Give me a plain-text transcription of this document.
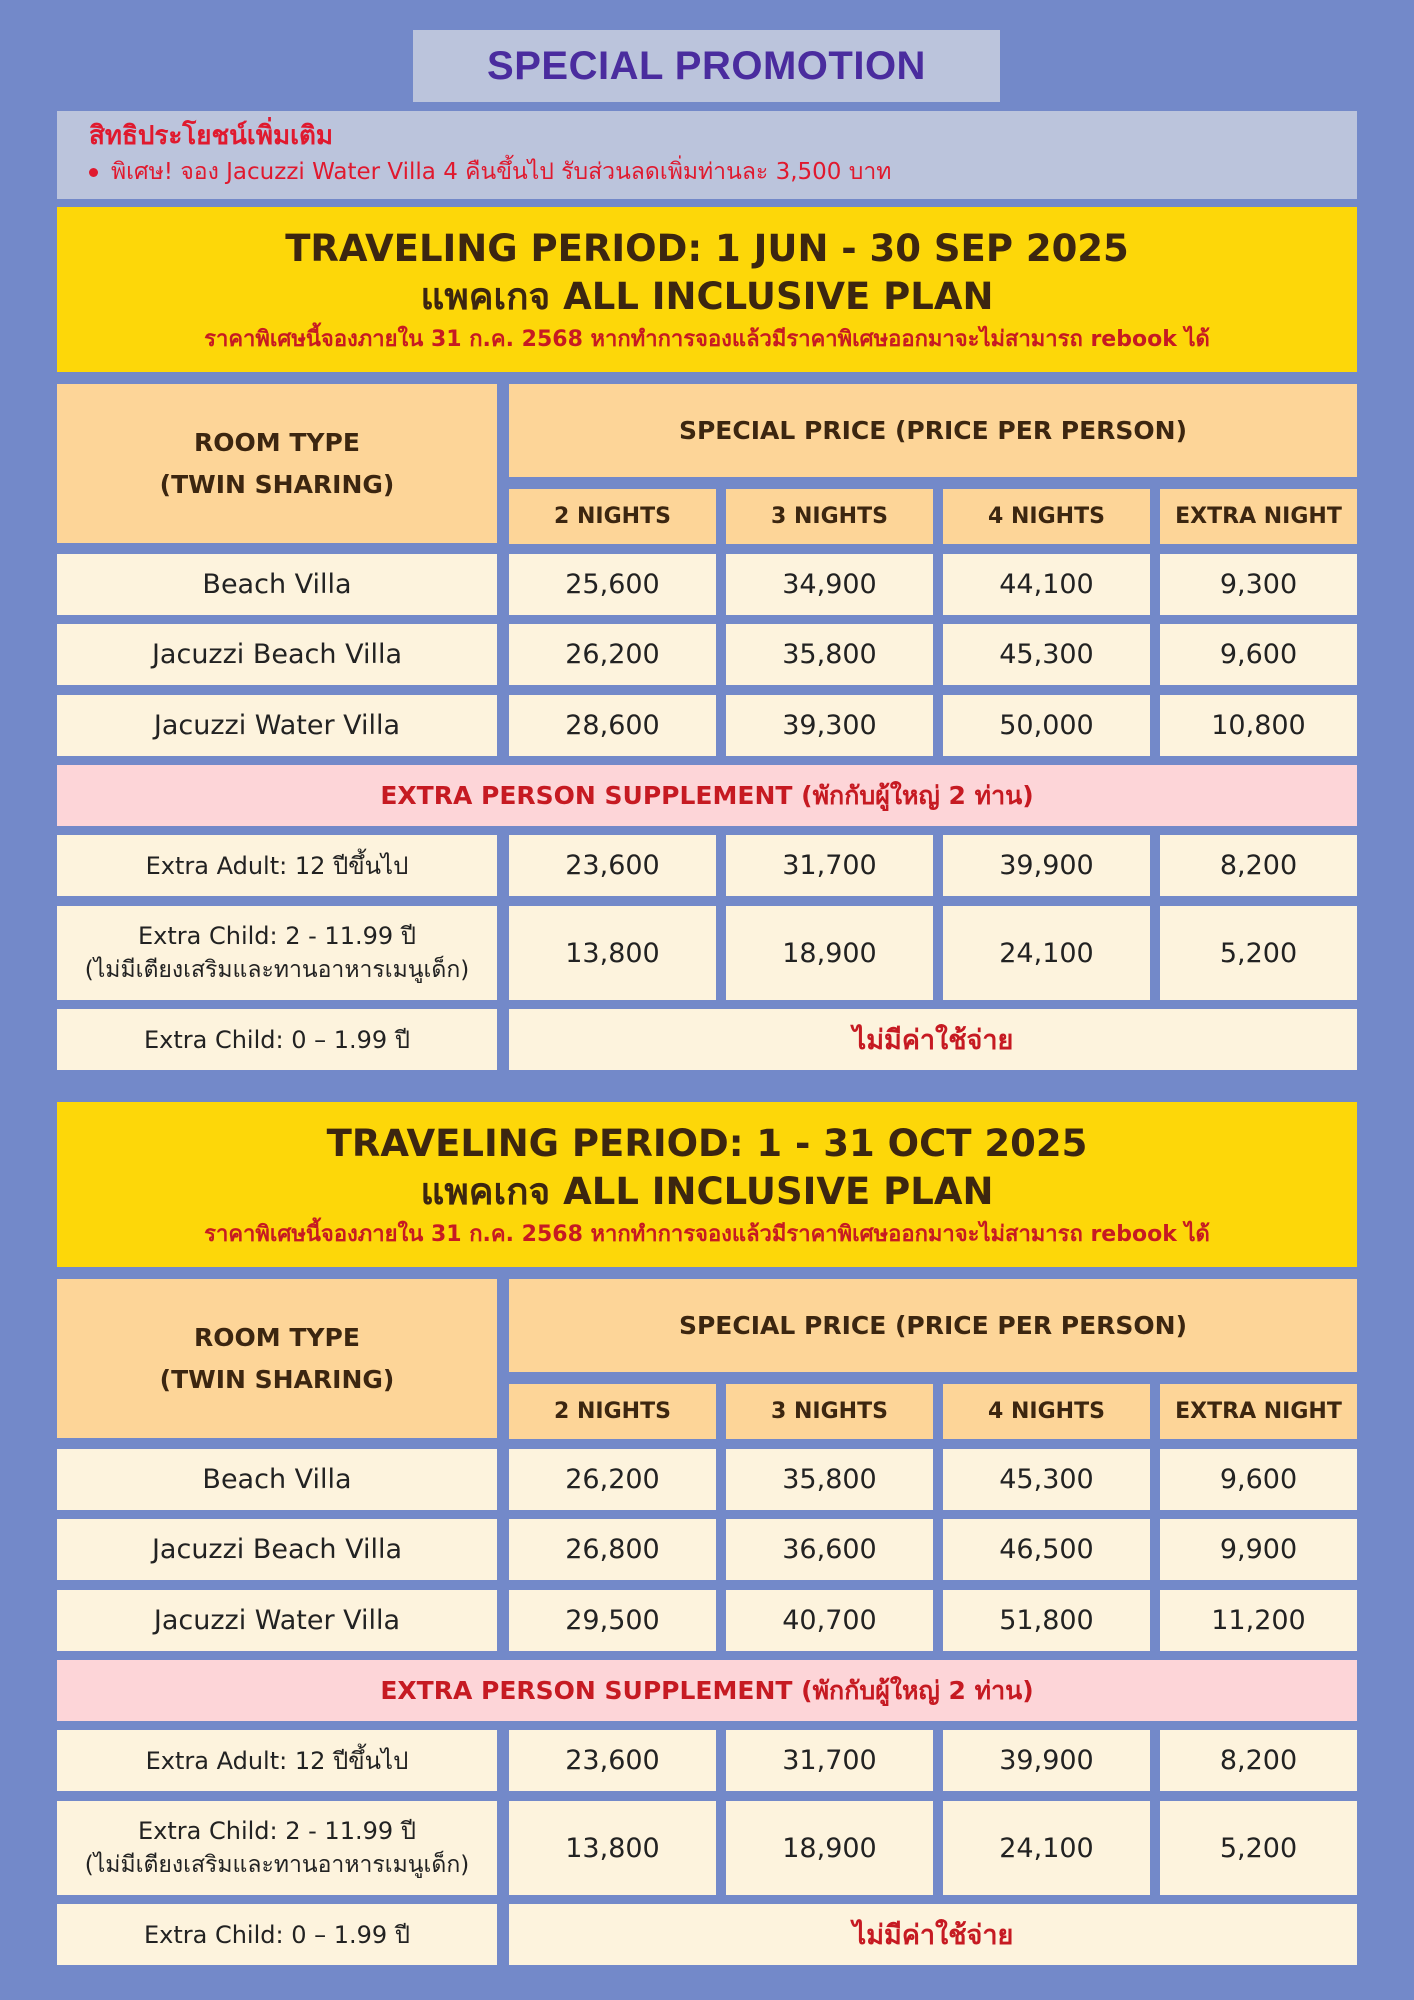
SPECIAL PROMOTION
สิทธิประโยชน์เพิ่มเติม
พิเศษ! จอง Jacuzzi Water Villa 4 คืนขึ้นไป รับส่วนลดเพิ่มท่านละ 3,500 บาท
TRAVELING PERIOD: 1 JUN - 30 SEP 2025
แพคเกจ ALL INCLUSIVE PLAN
ราคาพิเศษนี้จองภายใน 31 ก.ค. 2568 หากทำการจองแล้วมีราคาพิเศษออกมาจะไม่สามารถ rebook ได้
ROOM TYPE
(TWIN SHARING)
SPECIAL PRICE (PRICE PER PERSON)
2 NIGHTS	3 NIGHTS	4 NIGHTS	EXTRA NIGHT
Beach Villa	25,600	34,900	44,100	9,300
Jacuzzi Beach Villa	26,200	35,800	45,300	9,600
Jacuzzi Water Villa	28,600	39,300	50,000	10,800
EXTRA PERSON SUPPLEMENT (พักกับผู้ใหญ่ 2 ท่าน)
Extra Adult: 12 ปีขึ้นไป	23,600	31,700	39,900	8,200
Extra Child: 2 - 11.99 ปี
(ไม่มีเตียงเสริมและทานอาหารเมนูเด็ก)
13,800	18,900	24,100	5,200
Extra Child: 0 – 1.99 ปี	ไม่มีค่าใช้จ่าย
TRAVELING PERIOD: 1 - 31 OCT 2025
แพคเกจ ALL INCLUSIVE PLAN
ราคาพิเศษนี้จองภายใน 31 ก.ค. 2568 หากทำการจองแล้วมีราคาพิเศษออกมาจะไม่สามารถ rebook ได้
ROOM TYPE
(TWIN SHARING)
SPECIAL PRICE (PRICE PER PERSON)
2 NIGHTS	3 NIGHTS	4 NIGHTS	EXTRA NIGHT
Beach Villa	26,200	35,800	45,300	9,600
Jacuzzi Beach Villa	26,800	36,600	46,500	9,900
Jacuzzi Water Villa	29,500	40,700	51,800	11,200
EXTRA PERSON SUPPLEMENT (พักกับผู้ใหญ่ 2 ท่าน)
Extra Adult: 12 ปีขึ้นไป	23,600	31,700	39,900	8,200
Extra Child: 2 - 11.99 ปี
(ไม่มีเตียงเสริมและทานอาหารเมนูเด็ก)
13,800	18,900	24,100	5,200
Extra Child: 0 – 1.99 ปี	ไม่มีค่าใช้จ่าย
